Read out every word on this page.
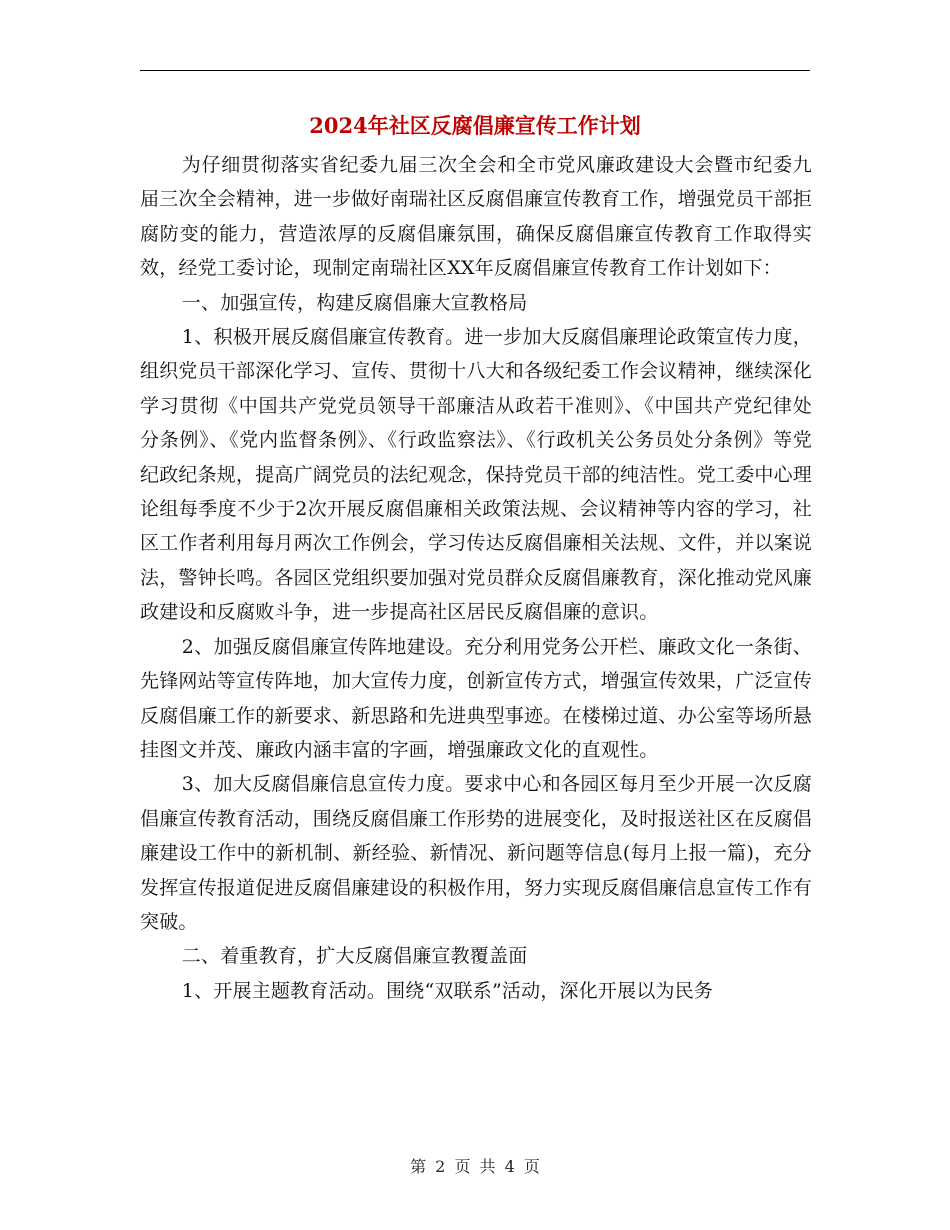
2024年社区反腐倡廉宣传工作计划

为仔细贯彻落实省纪委九届三次全会和全市党风廉政建设大会暨市纪委九届三次全会精神，进一步做好南瑞社区反腐倡廉宣传教育工作，增强党员干部拒腐防变的能力，营造浓厚的反腐倡廉氛围，确保反腐倡廉宣传教育工作取得实效，经党工委讨论，现制定南瑞社区XX年反腐倡廉宣传教育工作计划如下：

一、加强宣传，构建反腐倡廉大宣教格局

1、积极开展反腐倡廉宣传教育。进一步加大反腐倡廉理论政策宣传力度，组织党员干部深化学习、宣传、贯彻十八大和各级纪委工作会议精神，继续深化学习贯彻《中国共产党党员领导干部廉洁从政若干准则》、《中国共产党纪律处分条例》、《党内监督条例》、《行政监察法》、《行政机关公务员处分条例》等党纪政纪条规，提高广阔党员的法纪观念，保持党员干部的纯洁性。党工委中心理论组每季度不少于2次开展反腐倡廉相关政策法规、会议精神等内容的学习，社区工作者利用每月两次工作例会，学习传达反腐倡廉相关法规、文件，并以案说法，警钟长鸣。各园区党组织要加强对党员群众反腐倡廉教育，深化推动党风廉政建设和反腐败斗争，进一步提高社区居民反腐倡廉的意识。

2、加强反腐倡廉宣传阵地建设。充分利用党务公开栏、廉政文化一条街、先锋网站等宣传阵地，加大宣传力度，创新宣传方式，增强宣传效果，广泛宣传反腐倡廉工作的新要求、新思路和先进典型事迹。在楼梯过道、办公室等场所悬挂图文并茂、廉政内涵丰富的字画，增强廉政文化的直观性。

3、加大反腐倡廉信息宣传力度。要求中心和各园区每月至少开展一次反腐倡廉宣传教育活动，围绕反腐倡廉工作形势的进展变化，及时报送社区在反腐倡廉建设工作中的新机制、新经验、新情况、新问题等信息(每月上报一篇)，充分发挥宣传报道促进反腐倡廉建设的积极作用，努力实现反腐倡廉信息宣传工作有突破。

二、着重教育，扩大反腐倡廉宣教覆盖面

1、开展主题教育活动。围绕“双联系”活动，深化开展以为民务

第 2 页 共 4 页
